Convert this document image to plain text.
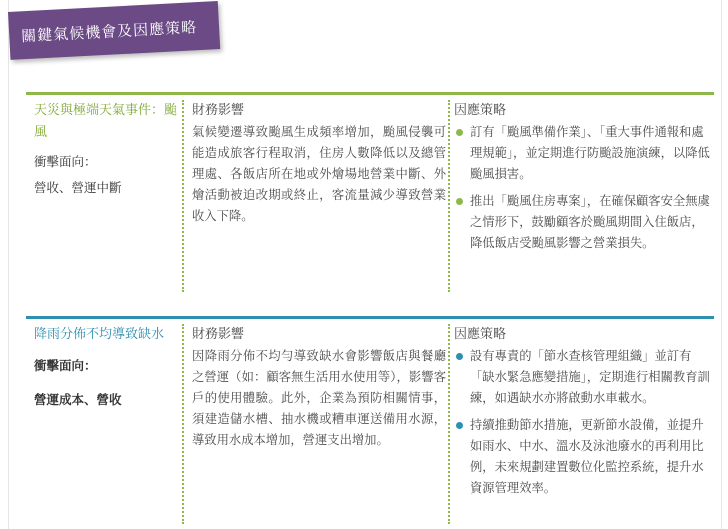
關鍵氣候機會及因應策略
天災與極端天氣事件：颱風
衝擊面向：
營收、營運中斷
財務影響
氣候變遷導致颱風生成頻率增加，颱風侵襲可能造成旅客行程取消，住房人數降低以及總管理處、各飯店所在地或外燴場地營業中斷、外燴活動被迫改期或終止，客流量減少導致營業收入下降。
因應策略
訂有「颱風準備作業」、「重大事件通報和處理規範」，並定期進行防颱設施演練，以降低颱風損害。
推出「颱風住房專案」，在確保顧客安全無虞之情形下，鼓勵顧客於颱風期間入住飯店，降低飯店受颱風影響之營業損失。
降雨分佈不均導致缺水
衝擊面向：
營運成本、營收
財務影響
因降雨分佈不均勻導致缺水會影響飯店與餐廳之營運（如：顧客無生活用水使用等），影響客戶的使用體驗。此外，企業為預防相關情事，須建造儲水槽、抽水機或糟車運送備用水源，導致用水成本增加，營運支出增加。
因應策略
設有專責的「節水查核管理組織」並訂有「缺水緊急應變措施」，定期進行相關教育訓練，如遇缺水亦將啟動水車載水。
持續推動節水措施，更新節水設備，並提升如雨水、中水、溫水及泳池廢水的再利用比例，未來規劃建置數位化監控系統，提升水資源管理效率。
